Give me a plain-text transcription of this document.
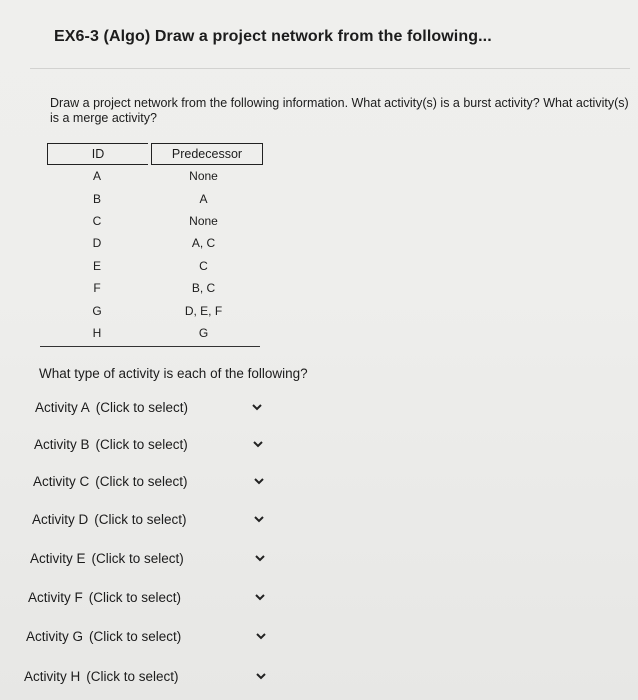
EX6-3 (Algo) Draw a project network from the following...
Draw a project network from the following information. What activity(s) is a burst activity? What activity(s) is a merge activity?
ID	Predecessor
A	None
B	A
C	None
D	A, C
E	C
F	B, C
G	D, E, F
H	G
What type of activity is each of the following?
Activity A (Click to select)
Activity B (Click to select)
Activity C (Click to select)
Activity D (Click to select)
Activity E (Click to select)
Activity F (Click to select)
Activity G (Click to select)
Activity H (Click to select)
